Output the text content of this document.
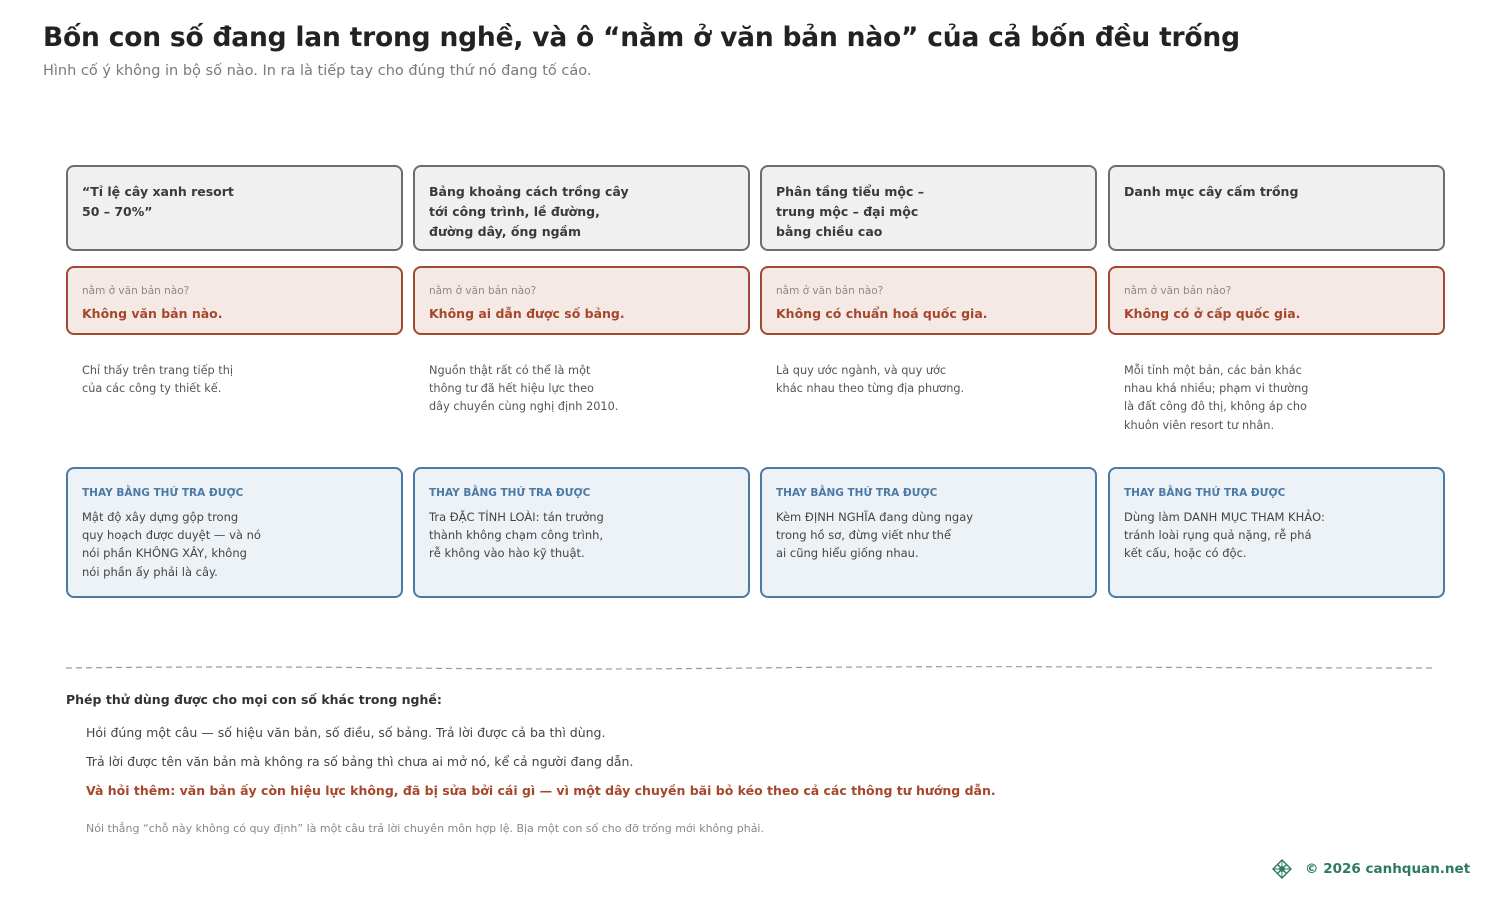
Bốn con số đang lan trong nghề, và ô “nằm ở văn bản nào” của cả bốn đều trống

Hình cố ý không in bộ số nào. In ra là tiếp tay cho đúng thứ nó đang tố cáo.

“Tỉ lệ cây xanh resort
50 – 70%”
nằm ở văn bản nào?
Không văn bản nào.
Chỉ thấy trên trang tiếp thị
của các công ty thiết kế.
THAY BẰNG THỨ TRA ĐƯỢC
Mật độ xây dựng gộp trong
quy hoạch được duyệt — và nó
nói phần KHÔNG XÂY, không
nói phần ấy phải là cây.
Bảng khoảng cách trồng cây
tới công trình, lề đường,
đường dây, ống ngầm
nằm ở văn bản nào?
Không ai dẫn được số bảng.
Nguồn thật rất có thể là một
thông tư đã hết hiệu lực theo
dây chuyền cùng nghị định 2010.
THAY BẰNG THỨ TRA ĐƯỢC
Tra ĐẶC TÍNH LOÀI: tán trưởng
thành không chạm công trình,
rễ không vào hào kỹ thuật.
Phân tầng tiểu mộc –
trung mộc – đại mộc
bằng chiều cao
nằm ở văn bản nào?
Không có chuẩn hoá quốc gia.
Là quy ước ngành, và quy ước
khác nhau theo từng địa phương.
THAY BẰNG THỨ TRA ĐƯỢC
Kèm ĐỊNH NGHĨA đang dùng ngay
trong hồ sơ, đừng viết như thể
ai cũng hiểu giống nhau.
Danh mục cây cấm trồng
nằm ở văn bản nào?
Không có ở cấp quốc gia.
Mỗi tỉnh một bản, các bản khác
nhau khá nhiều; phạm vi thường
là đất công đô thị, không áp cho
khuôn viên resort tư nhân.
THAY BẰNG THỨ TRA ĐƯỢC
Dùng làm DANH MỤC THAM KHẢO:
tránh loài rụng quả nặng, rễ phá
kết cấu, hoặc có độc.
Phép thử dùng được cho mọi con số khác trong nghề:
Hỏi đúng một câu — số hiệu văn bản, số điều, số bảng. Trả lời được cả ba thì dùng.
Trả lời được tên văn bản mà không ra số bảng thì chưa ai mở nó, kể cả người đang dẫn.
Và hỏi thêm: văn bản ấy còn hiệu lực không, đã bị sửa bởi cái gì — vì một dây chuyền bãi bỏ kéo theo cả các thông tư hướng dẫn.
Nói thẳng “chỗ này không có quy định” là một câu trả lời chuyên môn hợp lệ. Bịa một con số cho đỡ trống mới không phải.
© 2026 canhquan.net
